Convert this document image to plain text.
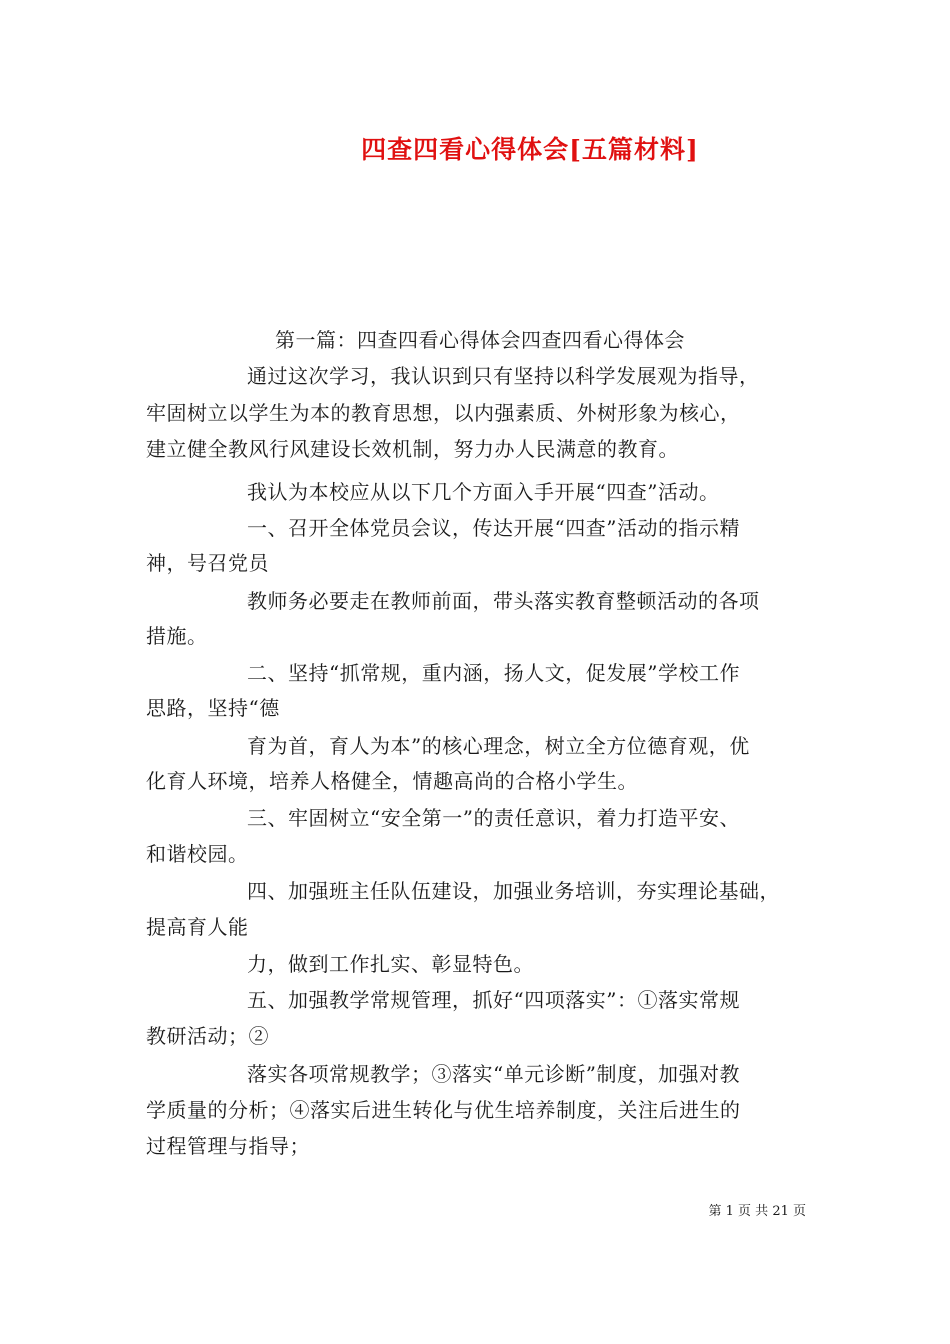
四查四看心得体会[五篇材料]
第一篇：四查四看心得体会四查四看心得体会
通过这次学习，我认识到只有坚持以科学发展观为指导，
牢固树立以学生为本的教育思想，以内强素质、外树形象为核心，
建立健全教风行风建设长效机制，努力办人民满意的教育。
我认为本校应从以下几个方面入手开展“四查”活动。
一、召开全体党员会议，传达开展“四查”活动的指示精
神，号召党员
教师务必要走在教师前面，带头落实教育整顿活动的各项
措施。
二、坚持“抓常规，重内涵，扬人文，促发展”学校工作
思路，坚持“德
育为首，育人为本”的核心理念，树立全方位德育观，优
化育人环境，培养人格健全，情趣高尚的合格小学生。
三、牢固树立“安全第一”的责任意识，着力打造平安、
和谐校园。
四、加强班主任队伍建设，加强业务培训，夯实理论基础，
提高育人能
力，做到工作扎实、彰显特色。
五、加强教学常规管理，抓好“四项落实”：①落实常规
教研活动；②
落实各项常规教学；③落实“单元诊断”制度，加强对教
学质量的分析；④落实后进生转化与优生培养制度，关注后进生的
过程管理与指导；
第 1 页 共 21 页
